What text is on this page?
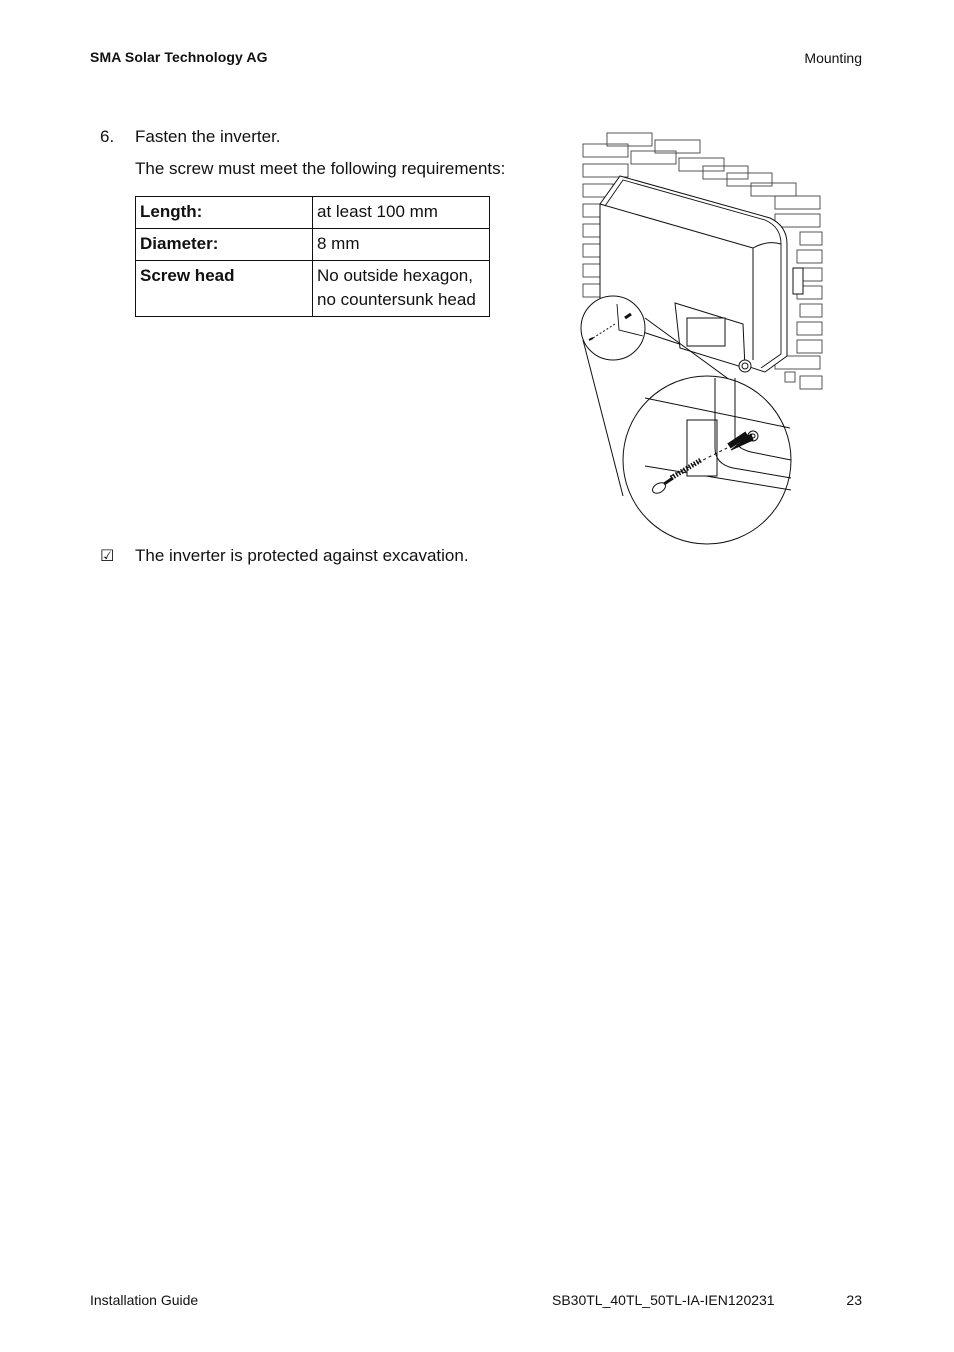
SMA Solar Technology AG	Mounting
6. Fasten the inverter.
The screw must meet the following requirements:
Length:	at least 100 mm
Diameter:	8 mm
Screw head	No outside hexagon, no countersunk head
☑ The inverter is protected against excavation.
Installation Guide	SB30TL_40TL_50TL-IA-IEN120231	23
